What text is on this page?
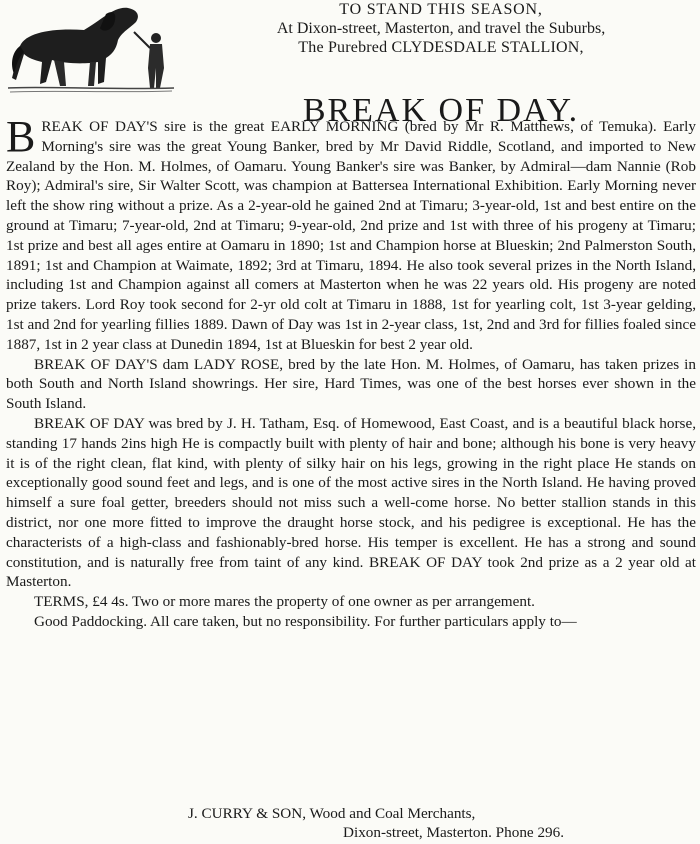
TO STAND THIS SEASON,
At Dixon-street, Masterton, and travel the Suburbs,
The Purebred CLYDESDALE STALLION,
BREAK OF DAY.

BREAK OF DAY'S sire is the great EARLY MORNING (bred by Mr R. Matthews, of Temuka). Early Morning's sire was the great Young Banker, bred by Mr David Riddle, Scotland, and imported to New Zealand by the Hon. M. Holmes, of Oamaru. Young Banker's sire was Banker, by Admiral—dam Nannie (Rob Roy); Admiral's sire, Sir Walter Scott, was champion at Battersea International Exhibition. Early Morning never left the show ring without a prize. As a 2-year-old he gained 2nd at Timaru; 3-year-old, 1st and best entire on the ground at Timaru; 7-year-old, 2nd at Timaru; 9-year-old, 2nd prize and 1st with three of his progeny at Timaru; 1st prize and best all ages entire at Oamaru in 1890; 1st and Champion horse at Blueskin; 2nd Palmerston South, 1891; 1st and Champion at Waimate, 1892; 3rd at Timaru, 1894. He also took several prizes in the North Island, including 1st and Champion against all comers at Masterton when he was 22 years old. His progeny are noted prize takers. Lord Roy took second for 2-yr old colt at Timaru in 1888, 1st for yearling colt, 1st 3-year gelding, 1st and 2nd for yearling fillies 1889. Dawn of Day was 1st in 2-year class, 1st, 2nd and 3rd for fillies foaled since 1887, 1st in 2 year class at Dunedin 1894, 1st at Blueskin for best 2 year old.

BREAK OF DAY'S dam LADY ROSE, bred by the late Hon. M. Holmes, of Oamaru, has taken prizes in both South and North Island showrings. Her sire, Hard Times, was one of the best horses ever shown in the South Island.

BREAK OF DAY was bred by J. H. Tatham, Esq. of Homewood, East Coast, and is a beautiful black horse, standing 17 hands 2ins high He is compactly built with plenty of hair and bone; although his bone is very heavy it is of the right clean, flat kind, with plenty of silky hair on his legs, growing in the right place He stands on exceptionally good sound feet and legs, and is one of the most active sires in the North Island. He having proved himself a sure foal getter, breeders should not miss such a well-come horse. No better stallion stands in this district, nor one more fitted to improve the draught horse stock, and his pedigree is exceptional. He has the characterists of a high-class and fashionably-bred horse. His temper is excellent. He has a strong and sound constitution, and is naturally free from taint of any kind. BREAK OF DAY took 2nd prize as a 2 year old at Masterton.

TERMS, £4 4s. Two or more mares the property of one owner as per arrangement.

Good Paddocking. All care taken, but no responsibility. For further particulars apply to—

J. CURRY & SON, Wood and Coal Merchants,
Dixon-street, Masterton. Phone 296.
